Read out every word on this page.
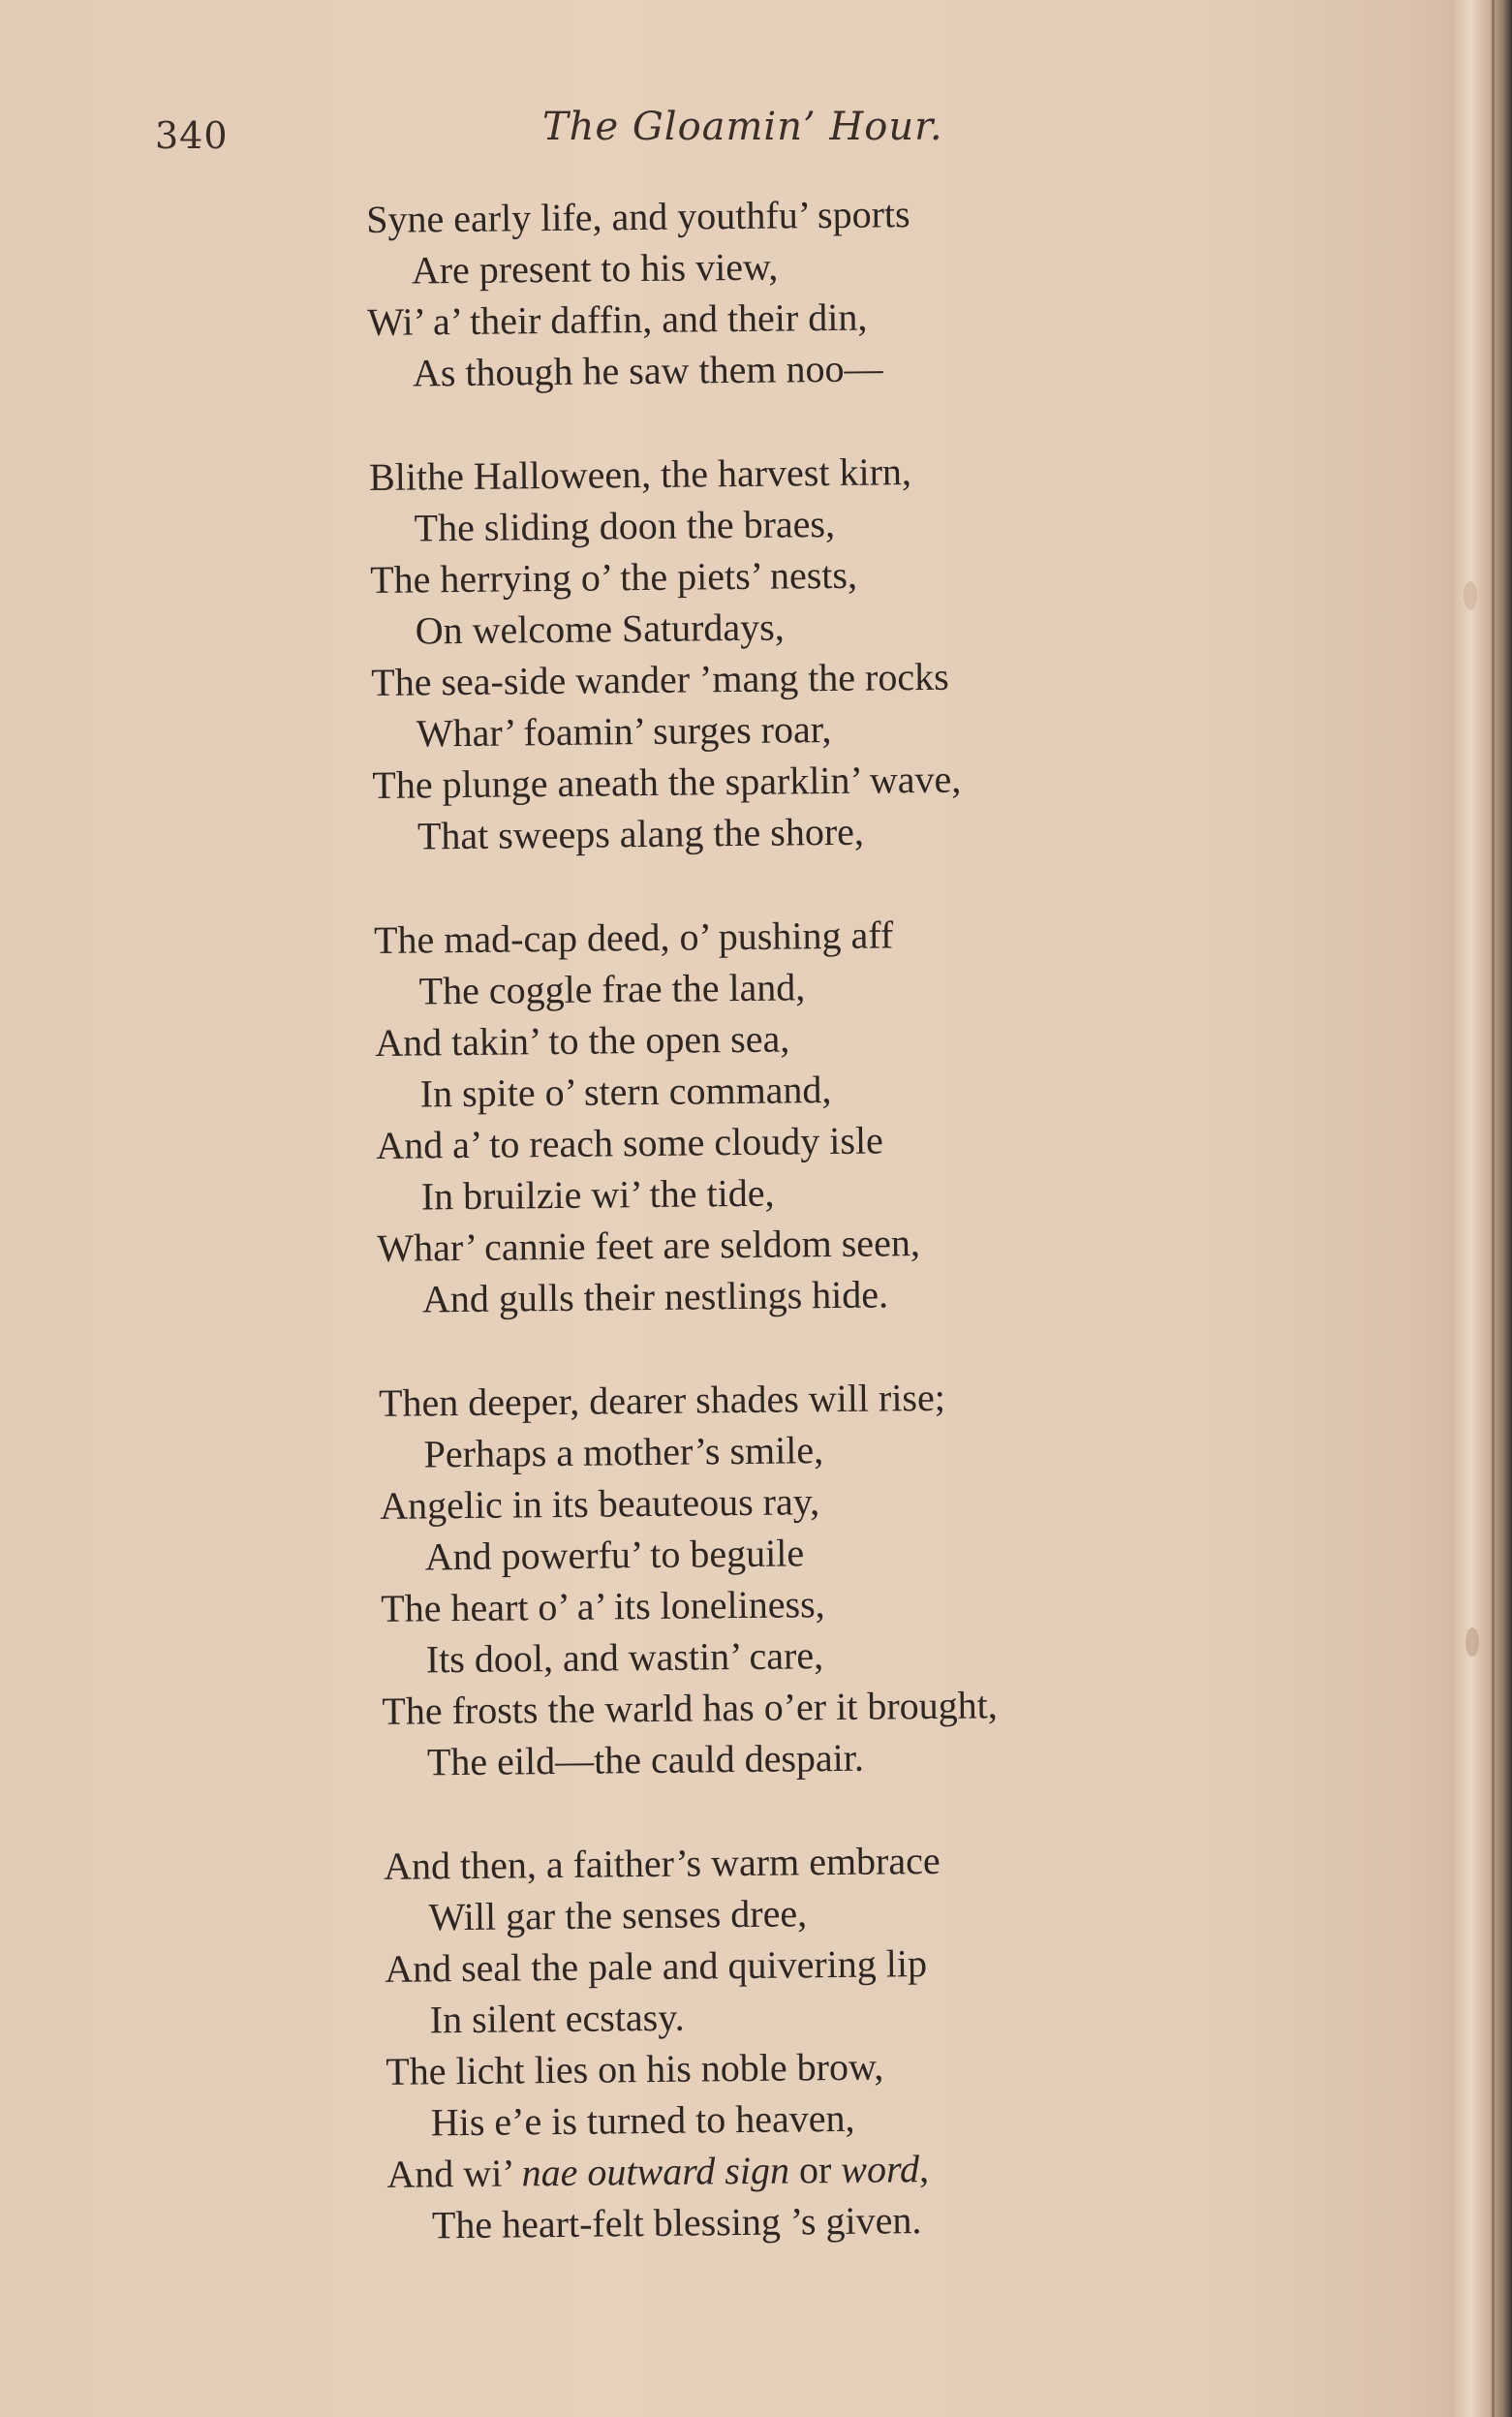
340	The Gloamin’ Hour.
Syne early life, and youthfu’ sports
Are present to his view,
Wi’ a’ their daffin, and their din,
As though he saw them noo—
Blithe Halloween, the harvest kirn,
The sliding doon the braes,
The herrying o’ the piets’ nests,
On welcome Saturdays,
The sea-side wander ’mang the rocks
Whar’ foamin’ surges roar,
The plunge aneath the sparklin’ wave,
That sweeps alang the shore,
The mad-cap deed, o’ pushing aff
The coggle frae the land,
And takin’ to the open sea,
In spite o’ stern command,
And a’ to reach some cloudy isle
In bruilzie wi’ the tide,
Whar’ cannie feet are seldom seen,
And gulls their nestlings hide.
Then deeper, dearer shades will rise;
Perhaps a mother’s smile,
Angelic in its beauteous ray,
And powerfu’ to beguile
The heart o’ a’ its loneliness,
Its dool, and wastin’ care,
The frosts the warld has o’er it brought,
The eild—the cauld despair.
And then, a faither’s warm embrace
Will gar the senses dree,
And seal the pale and quivering lip
In silent ecstasy.
The licht lies on his noble brow,
His e’e is turned to heaven,
And wi’ nae outward sign or word,
The heart-felt blessing ’s given.
